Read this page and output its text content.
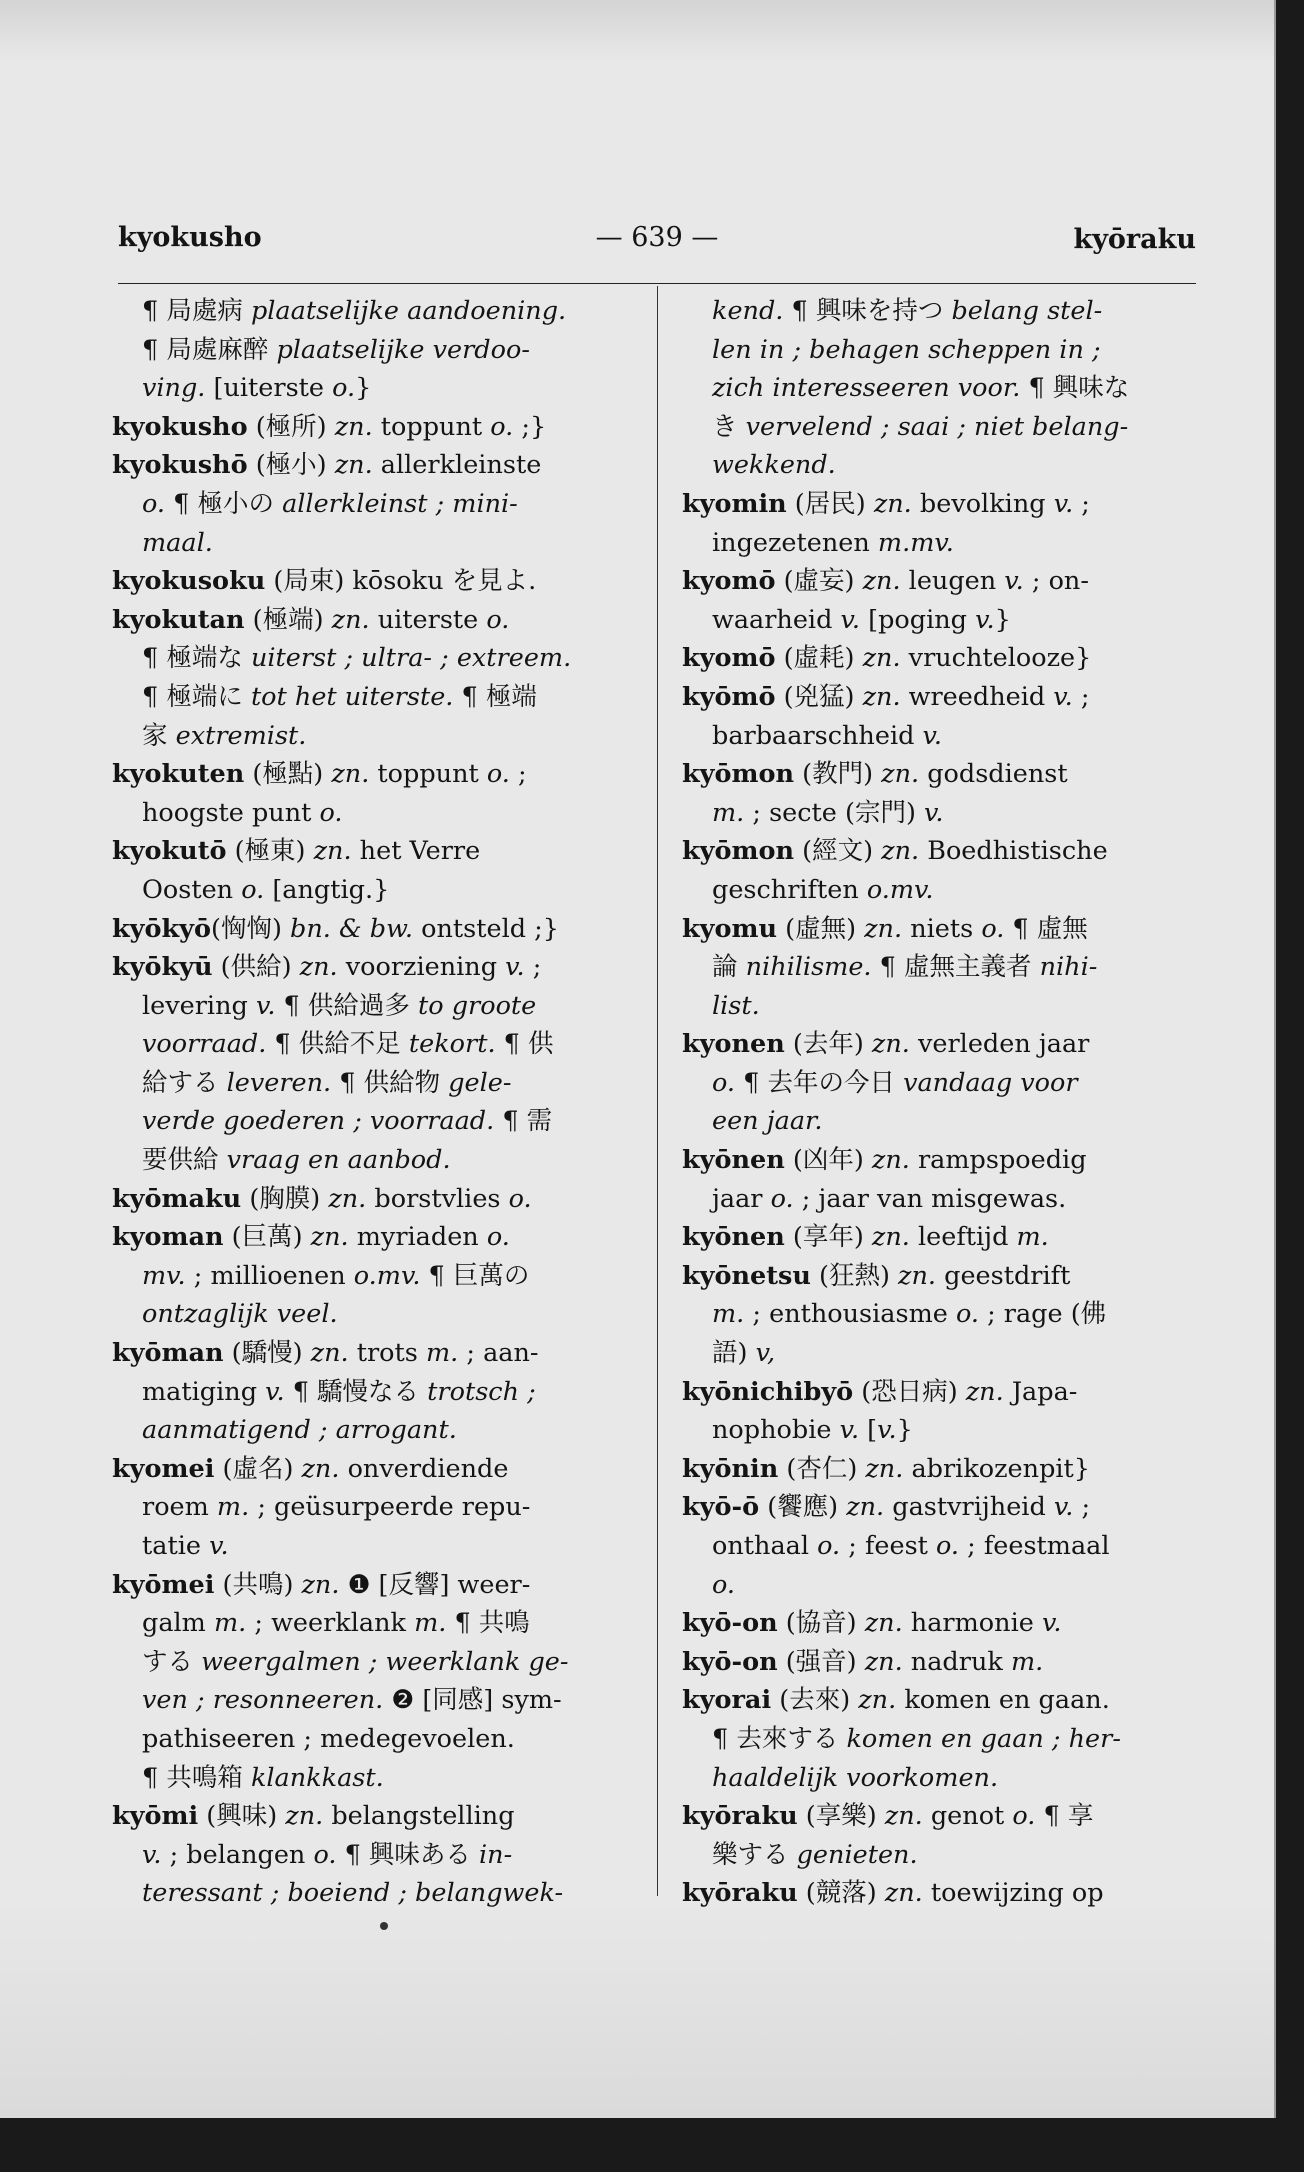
— 639 —
kyokusho	kyōraku
¶ 局處病 plaatselijke aandoening.
¶ 局處麻醉 plaatselijke verdoo-
ving. [uiterste o.}
kyokusho (極所) zn. toppunt o. ;}
kyokushō (極小) zn. allerkleinste
o. ¶ 極小の allerkleinst ; mini-
maal.
kyokusoku (局束) kōsoku を見よ.
kyokutan (極端) zn. uiterste o.
¶ 極端な uiterst ; ultra- ; extreem.
¶ 極端に tot het uiterste. ¶ 極端
家 extremist.
kyokuten (極點) zn. toppunt o. ;
hoogste punt o.
kyokutō (極東) zn. het Verre
Oosten o. [angtig.}
kyōkyō(恟恟) bn. & bw. ontsteld ;}
kyōkyū (供給) zn. voorziening v. ;
levering v. ¶ 供給過多 to groote
voorraad. ¶ 供給不足 tekort. ¶ 供
給する leveren. ¶ 供給物 gele-
verde goederen ; voorraad. ¶ 需
要供給 vraag en aanbod.
kyōmaku (胸膜) zn. borstvlies o.
kyoman (巨萬) zn. myriaden o.
mv. ; millioenen o.mv. ¶ 巨萬の
ontzaglijk veel.
kyōman (驕慢) zn. trots m. ; aan-
matiging v. ¶ 驕慢なる trotsch ;
aanmatigend ; arrogant.
kyomei (虛名) zn. onverdiende
roem m. ; geüsurpeerde repu-
tatie v.
kyōmei (共鳴) zn. ❶ [反響] weer-
galm m. ; weerklank m. ¶ 共鳴
する weergalmen ; weerklank ge-
ven ; resonneeren. ❷ [同感] sym-
pathiseeren ; medegevoelen.
¶ 共鳴箱 klankkast.
kyōmi (興味) zn. belangstelling
v. ; belangen o. ¶ 興味ある in-
teressant ; boeiend ; belangwek-
kend. ¶ 興味を持つ belang stel-
len in ; behagen scheppen in ;
zich interesseeren voor. ¶ 興味な
き vervelend ; saai ; niet belang-
wekkend.
kyomin (居民) zn. bevolking v. ;
ingezetenen m.mv.
kyomō (虛妄) zn. leugen v. ; on-
waarheid v. [poging v.}
kyomō (虛耗) zn. vruchtelooze}
kyōmō (兇猛) zn. wreedheid v. ;
barbaarschheid v.
kyōmon (教門) zn. godsdienst
m. ; secte (宗門) v.
kyōmon (經文) zn. Boedhistische
geschriften o.mv.
kyomu (虛無) zn. niets o. ¶ 虛無
論 nihilisme. ¶ 虛無主義者 nihi-
list.
kyonen (去年) zn. verleden jaar
o. ¶ 去年の今日 vandaag voor
een jaar.
kyōnen (凶年) zn. rampspoedig
jaar o. ; jaar van misgewas.
kyōnen (享年) zn. leeftijd m.
kyōnetsu (狂熱) zn. geestdrift
m. ; enthousiasme o. ; rage (佛
語) v,
kyōnichibyō (恐日病) zn. Japa-
nophobie v. [v.}
kyōnin (杏仁) zn. abrikozenpit}
kyō-ō (饗應) zn. gastvrijheid v. ;
onthaal o. ; feest o. ; feestmaal
o.
kyō-on (協音) zn. harmonie v.
kyō-on (强音) zn. nadruk m.
kyorai (去來) zn. komen en gaan.
¶ 去來する komen en gaan ; her-
haaldelijk voorkomen.
kyōraku (享樂) zn. genot o. ¶ 享
樂する genieten.
kyōraku (競落) zn. toewijzing op
